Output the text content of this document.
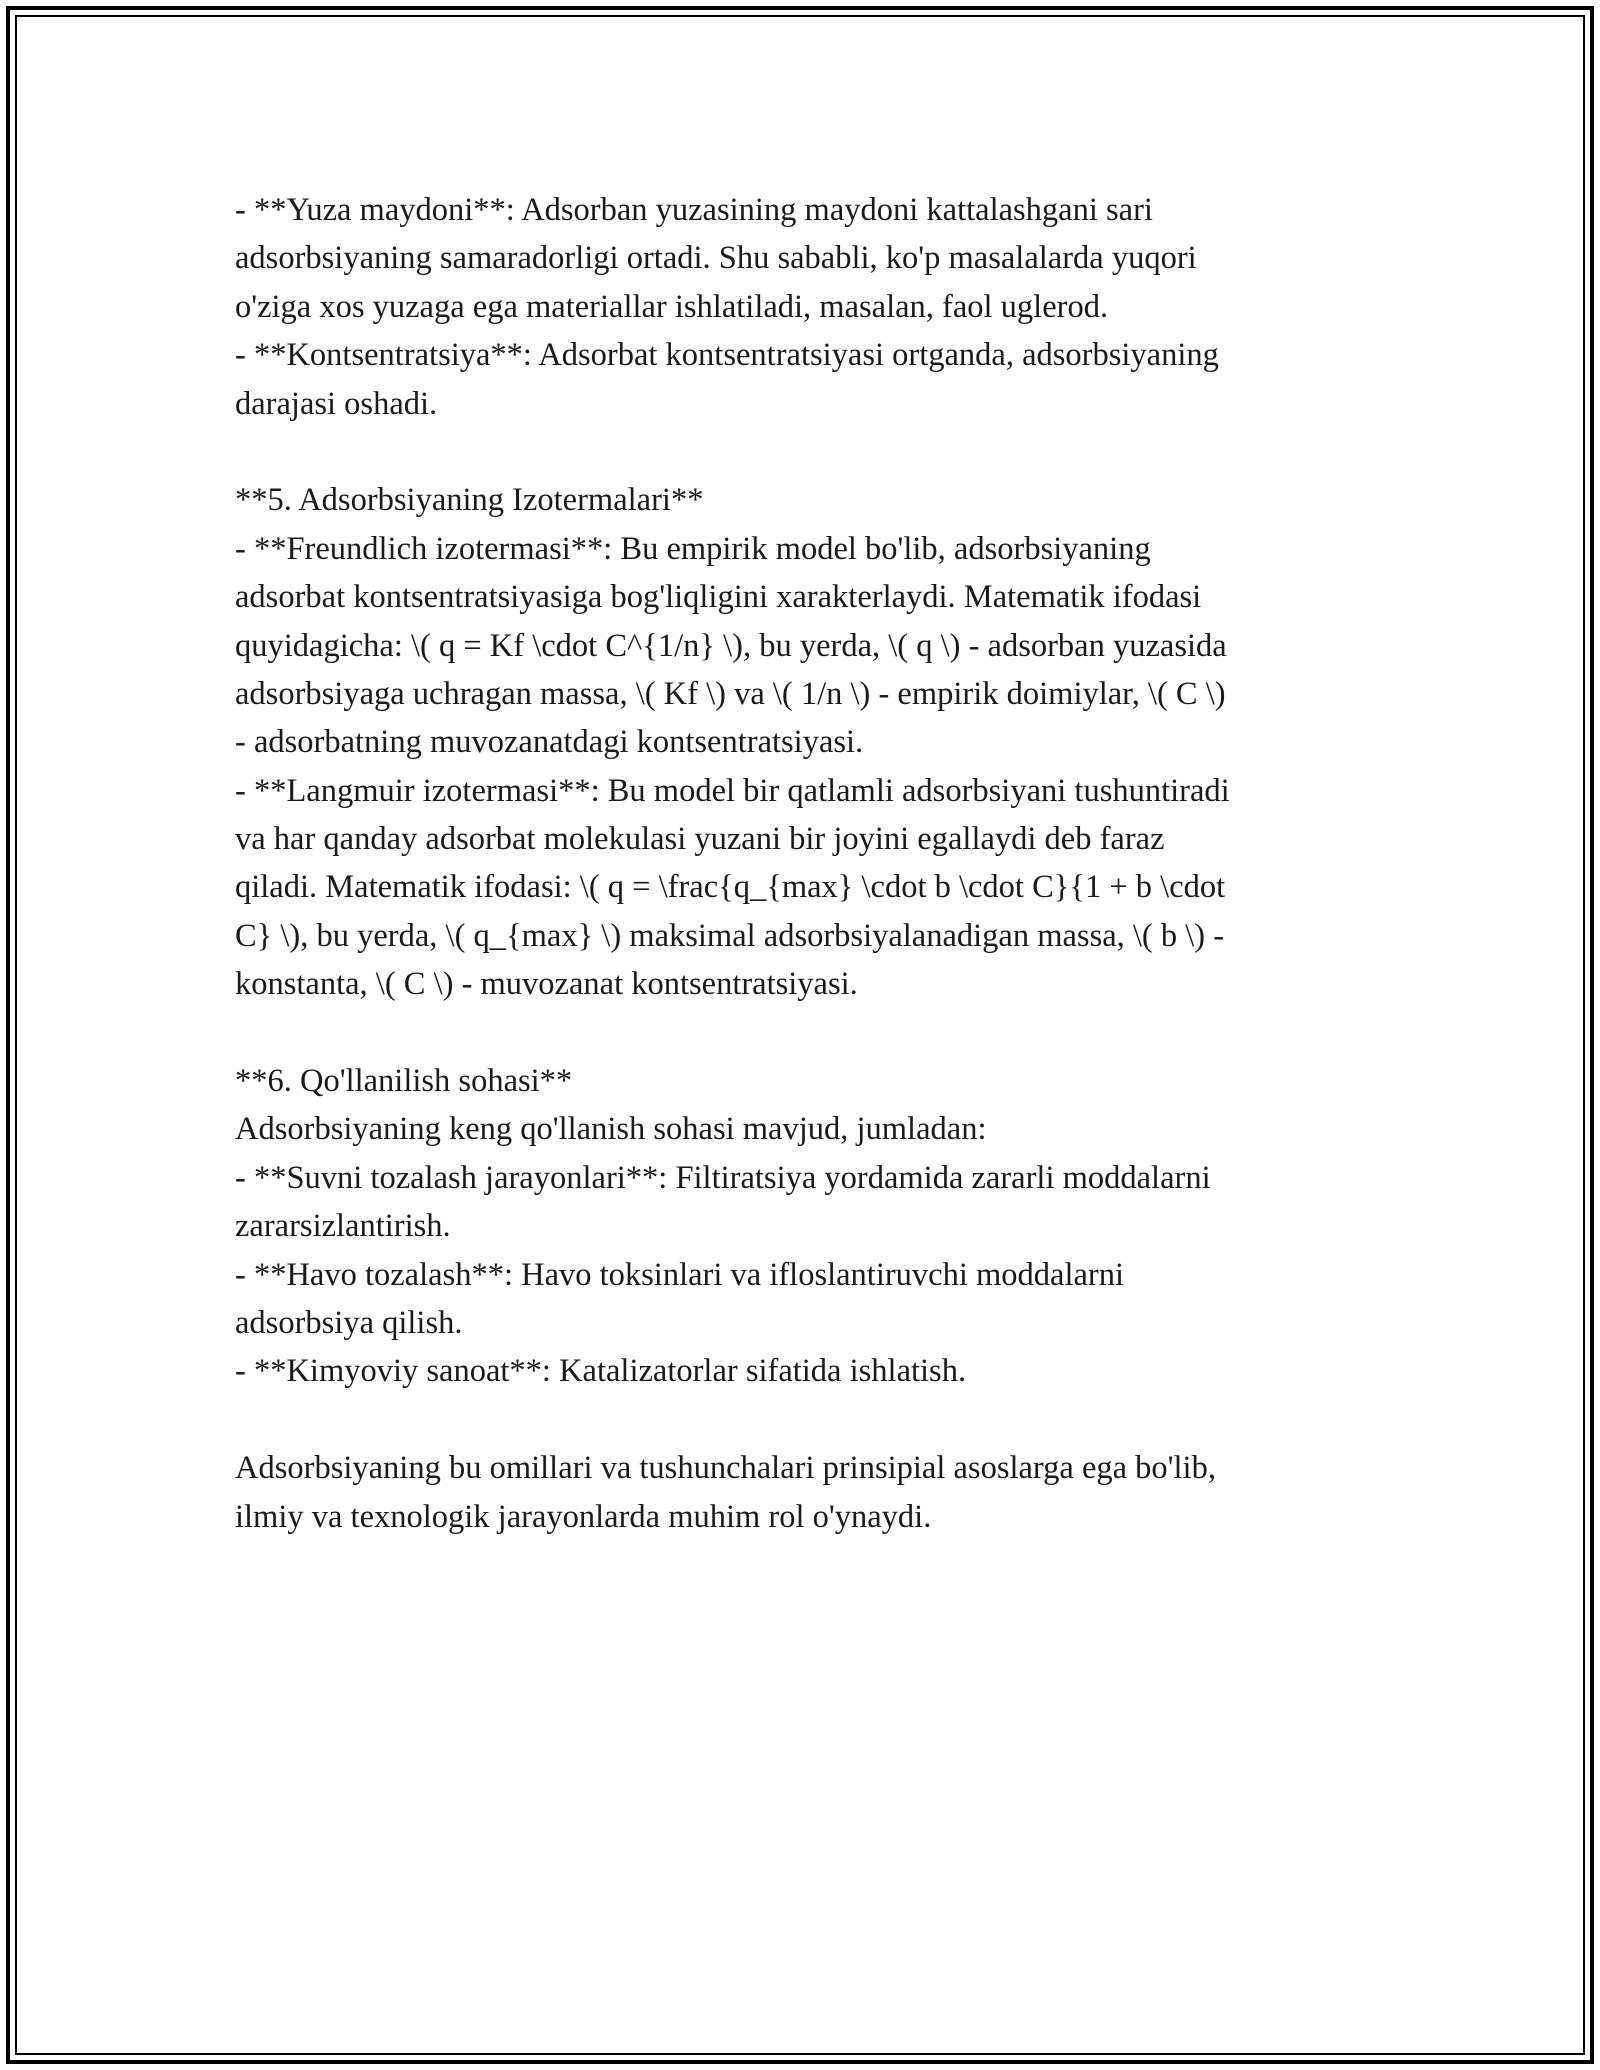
- **Yuza maydoni**: Adsorban yuzasining maydoni kattalashgani sari
adsorbsiyaning samaradorligi ortadi. Shu sababli, ko'p masalalarda yuqori
o'ziga xos yuzaga ega materiallar ishlatiladi, masalan, faol uglerod.
- **Kontsentratsiya**: Adsorbat kontsentratsiyasi ortganda, adsorbsiyaning
darajasi oshadi.
**5. Adsorbsiyaning Izotermalari**
- **Freundlich izotermasi**: Bu empirik model bo'lib, adsorbsiyaning
adsorbat kontsentratsiyasiga bog'liqligini xarakterlaydi. Matematik ifodasi
quyidagicha: \( q = Kf \cdot C^{1/n} \), bu yerda, \( q \) - adsorban yuzasida
adsorbsiyaga uchragan massa, \( Kf \) va \( 1/n \) - empirik doimiylar, \( C \)
- adsorbatning muvozanatdagi kontsentratsiyasi.
- **Langmuir izotermasi**: Bu model bir qatlamli adsorbsiyani tushuntiradi
va har qanday adsorbat molekulasi yuzani bir joyini egallaydi deb faraz
qiladi. Matematik ifodasi: \( q = \frac{q_{max} \cdot b \cdot C}{1 + b \cdot
C} \), bu yerda, \( q_{max} \) maksimal adsorbsiyalanadigan massa, \( b \) -
konstanta, \( C \) - muvozanat kontsentratsiyasi.
**6. Qo'llanilish sohasi**
Adsorbsiyaning keng qo'llanish sohasi mavjud, jumladan:
- **Suvni tozalash jarayonlari**: Filtiratsiya yordamida zararli moddalarni
zararsizlantirish.
- **Havo tozalash**: Havo toksinlari va ifloslantiruvchi moddalarni
adsorbsiya qilish.
- **Kimyoviy sanoat**: Katalizatorlar sifatida ishlatish.
Adsorbsiyaning bu omillari va tushunchalari prinsipial asoslarga ega bo'lib,
ilmiy va texnologik jarayonlarda muhim rol o'ynaydi.
